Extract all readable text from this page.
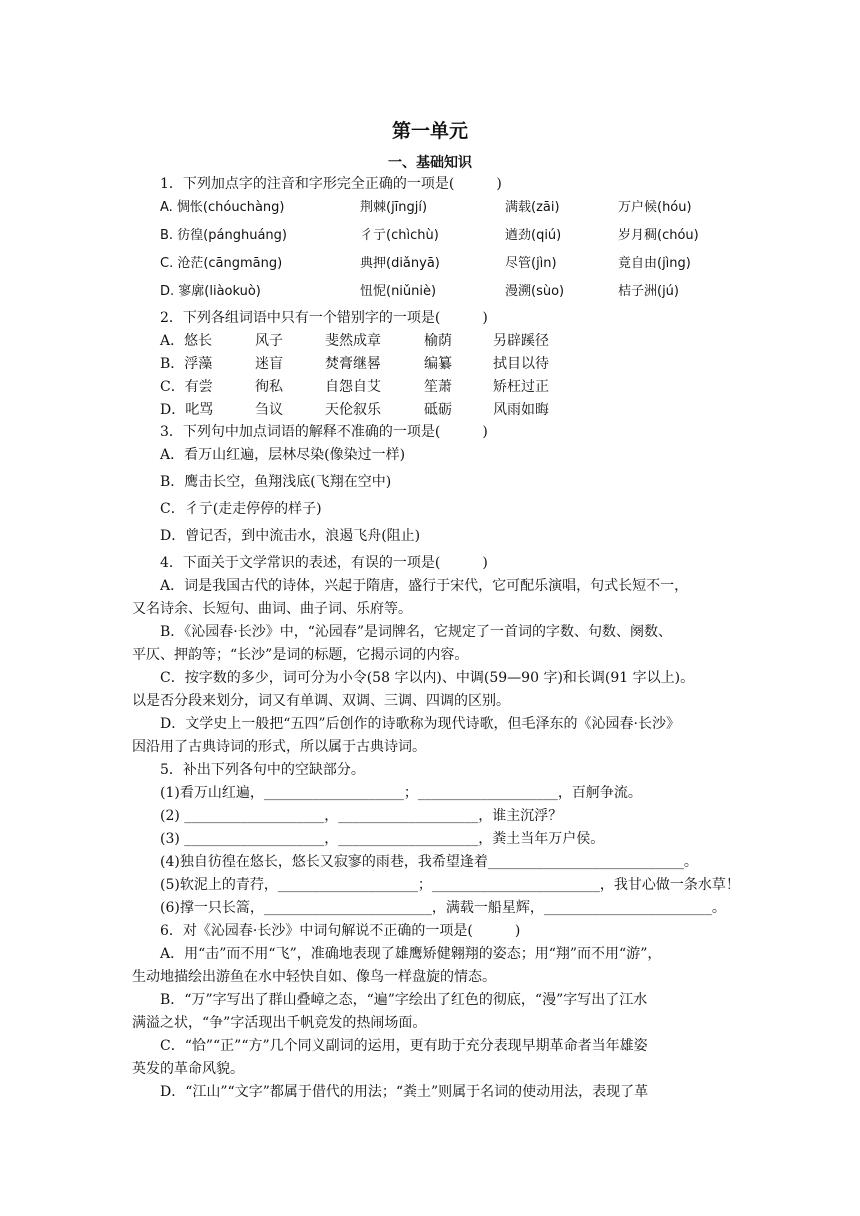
第一单元
一、基础知识
1．下列加点字的注音和字形完全正确的一项是(　　　)
A. 惆怅(chóuchàng)	荆棘(jīngjí)	满载(zāi)	万户候(hóu)
B. 彷徨(pánghuáng)	彳亍(chìchù)	遒劲(qiú)	岁月稠(chóu)
C. 沧茫(cāngmāng)	典押(diǎnyā)	尽管(jìn)	竟自由(jìng)
D. 寥廓(liàokuò)	忸怩(niǔniè)	漫溯(sùo)	桔子洲(jú)
2．下列各组词语中只有一个错别字的一项是(　　　)
A．悠长	风子	斐然成章	榆荫	另辟蹊径
B．浮藻	迷盲	焚膏继晷	编纂	拭目以待
C．有尝	徇私	自怨自艾	笙萧	矫枉过正
D．叱骂	刍议	天伦叙乐	砥砺	风雨如晦
3．下列句中加点词语的解释不准确的一项是(　　　)
A．看万山红遍，层林尽染(像染过一样)
B．鹰击长空，鱼翔浅底(飞翔在空中)
C．彳亍(走走停停的样子)
D．曾记否，到中流击水，浪遏飞舟(阻止)
4．下面关于文学常识的表述，有误的一项是(　　　)
A．词是我国古代的诗体，兴起于隋唐，盛行于宋代，它可配乐演唱，句式长短不一，
又名诗余、长短句、曲词、曲子词、乐府等。
B．《沁园春·长沙》中，“沁园春”是词牌名，它规定了一首词的字数、句数、阕数、
平仄、押韵等；“长沙”是词的标题，它揭示词的内容。
C．按字数的多少，词可分为小令(58 字以内)、中调(59—90 字)和长调(91 字以上)。
以是否分段来划分，词又有单调、双调、三调、四调的区别。
D．文学史上一般把“五四”后创作的诗歌称为现代诗歌，但毛泽东的《沁园春·长沙》
因沿用了古典诗词的形式，所以属于古典诗词。
5．补出下列各句中的空缺部分。
(1)看万山红遍，____________________；____________________，百舸争流。
(2) ____________________，____________________，谁主沉浮？
(3) ____________________，____________________，粪土当年万户侯。
(4)独自彷徨在悠长，悠长又寂寥的雨巷，我希望逢着____________________________。
(5)软泥上的青荇，____________________；________________________，我甘心做一条水草！
(6)撑一只长篙，________________________，满载一船星辉，________________________。
6．对《沁园春·长沙》中词句解说不正确的一项是(　　　)
A．用“击”而不用“飞”，准确地表现了雄鹰矫健翱翔的姿态；用“翔”而不用“游”，
生动地描绘出游鱼在水中轻快自如、像鸟一样盘旋的情态。
B．“万”字写出了群山叠嶂之态，“遍”字绘出了红色的彻底，“漫”字写出了江水
满溢之状，“争”字活现出千帆竞发的热闹场面。
C．“恰”“正”“方”几个同义副词的运用，更有助于充分表现早期革命者当年雄姿
英发的革命风貌。
D．“江山”“文字”都属于借代的用法；“粪土”则属于名词的使动用法，表现了革
